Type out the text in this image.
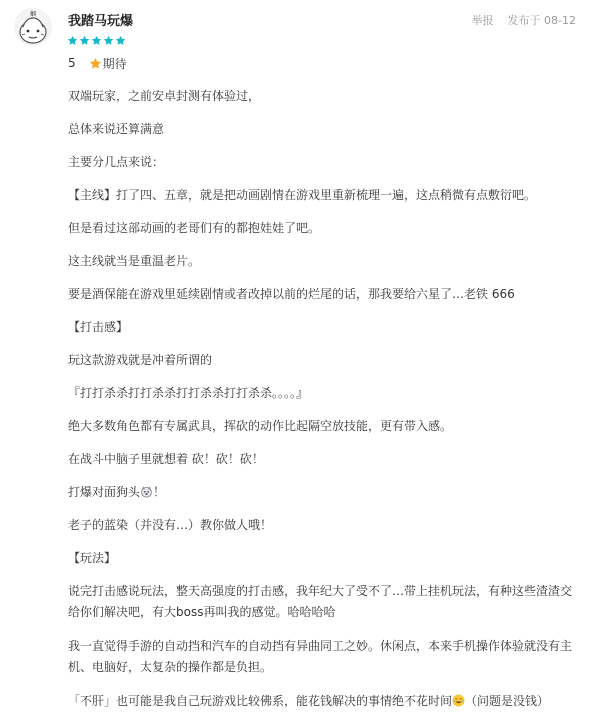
蝈 我踏马玩爆	举报 发布于 08-12
5 期待

双端玩家，之前安卓封测有体验过，

总体来说还算满意

主要分几点来说：

【主线】打了四、五章，就是把动画剧情在游戏里重新梳理一遍，这点稍微有点敷衍吧。

但是看过这部动画的老哥们有的都抱娃娃了吧。

这主线就当是重温老片。

要是酒保能在游戏里延续剧情或者改掉以前的烂尾的话，那我要给六星了…老铁 666

【打击感】

玩这款游戏就是冲着所谓的

『打打杀杀打打杀杀打打杀杀打打杀杀。。。。』

绝大多数角色都有专属武具，挥砍的动作比起隔空放技能，更有带入感。

在战斗中脑子里就想着 砍！砍！砍！

打爆对面狗头 ！

老子的蓝染（并没有…）教你做人哦！

【玩法】

说完打击感说玩法，整天高强度的打击感，我年纪大了受不了…带上挂机玩法，有种这些渣渣交给你们解决吧，有大boss再叫我的感觉。哈哈哈哈

我一直觉得手游的自动挡和汽车的自动挡有异曲同工之妙。休闲点，本来手机操作体验就没有主机、电脑好，太复杂的操作都是负担。

「不肝」也可能是我自己玩游戏比较佛系，能花钱解决的事情绝不花时间 （问题是没钱）
